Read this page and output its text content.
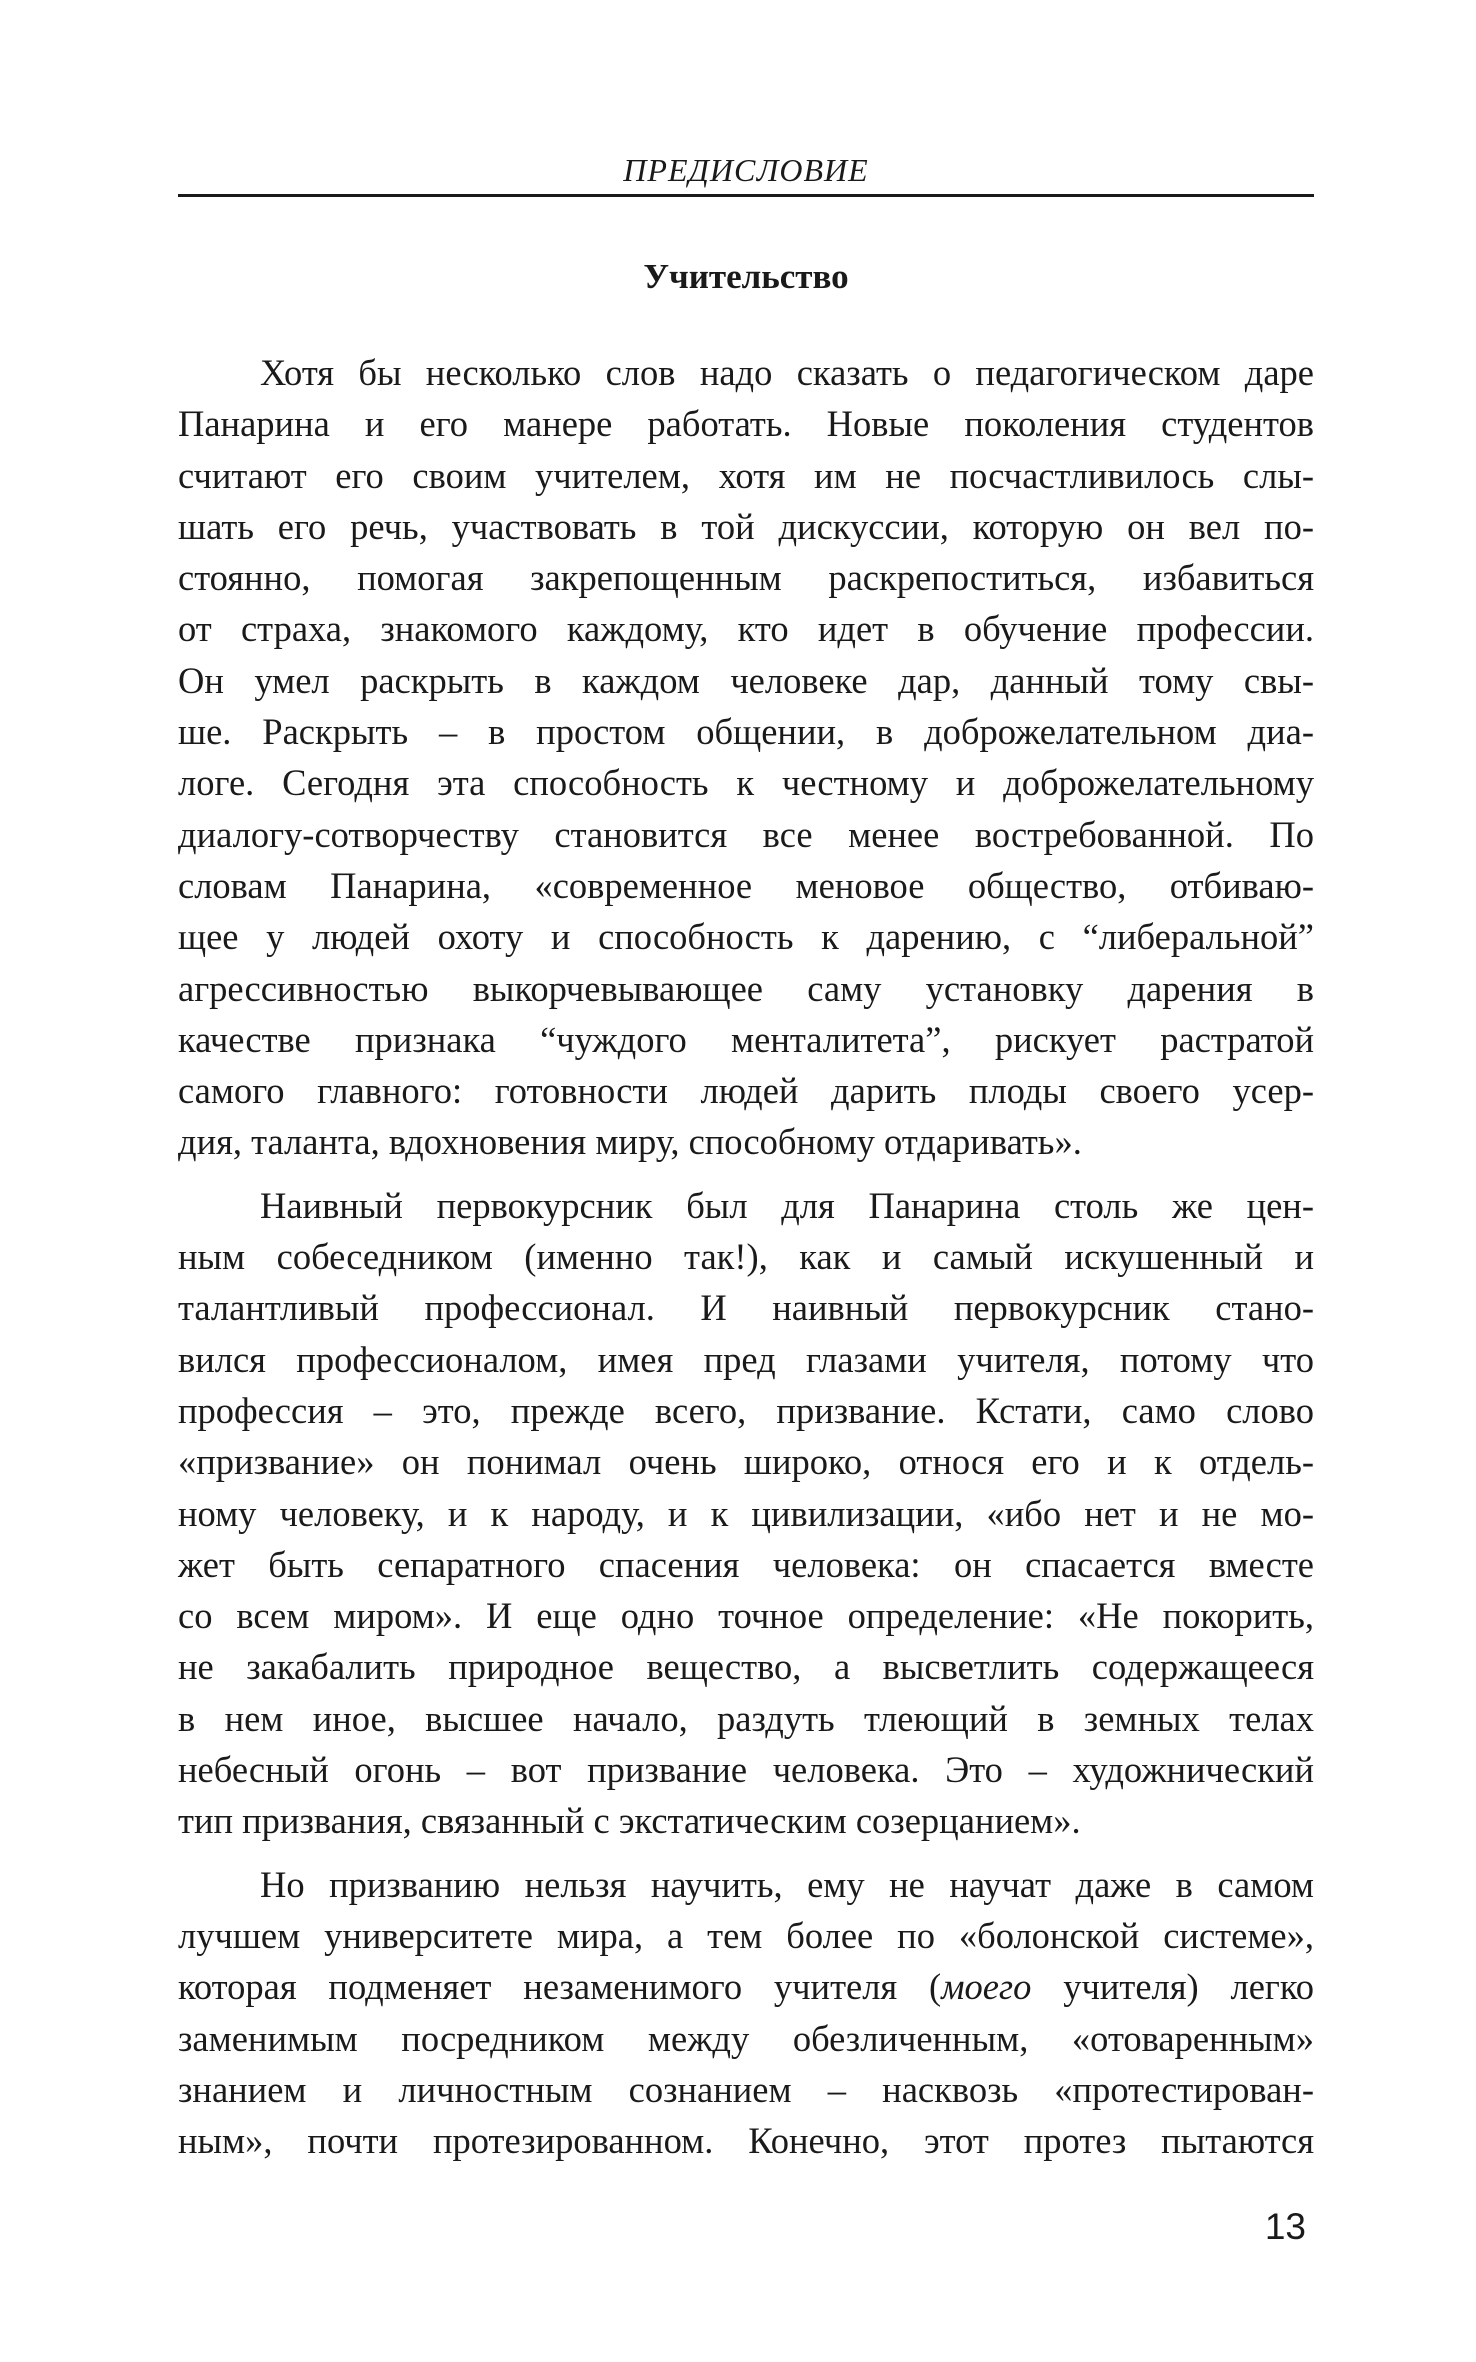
ПРЕДИСЛОВИЕ
Учительство
Хотя бы несколько слов надо сказать о педагогическом даре
Панарина и его манере работать. Новые поколения студентов
считают его своим учителем, хотя им не посчастливилось слы-
шать его речь, участвовать в той дискуссии, которую он вел по-
стоянно, помогая закрепощенным раскрепоститься, избавиться
от страха, знакомого каждому, кто идет в обучение профессии.
Он умел раскрыть в каждом человеке дар, данный тому свы-
ше. Раскрыть – в простом общении, в доброжелательном диа-
логе. Сегодня эта способность к честному и доброжелательному
диалогу-сотворчеству становится все менее востребованной. По
словам Панарина, «современное меновое общество, отбиваю-
щее у людей охоту и способность к дарению, с “либеральной”
агрессивностью выкорчевывающее саму установку дарения в
качестве признака “чуждого менталитета”, рискует растратой
самого главного: готовности людей дарить плоды своего усер-
дия, таланта, вдохновения миру, способному отдаривать».
Наивный первокурсник был для Панарина столь же цен-
ным собеседником (именно так!), как и самый искушенный и
талантливый профессионал. И наивный первокурсник стано-
вился профессионалом, имея пред глазами учителя, потому что
профессия – это, прежде всего, призвание. Кстати, само слово
«призвание» он понимал очень широко, относя его и к отдель-
ному человеку, и к народу, и к цивилизации, «ибо нет и не мо-
жет быть сепаратного спасения человека: он спасается вместе
со всем миром». И еще одно точное определение: «Не покорить,
не закабалить природное вещество, а высветлить содержащееся
в нем иное, высшее начало, раздуть тлеющий в земных телах
небесный огонь – вот призвание человека. Это – художнический
тип призвания, связанный с экстатическим созерцанием».
Но призванию нельзя научить, ему не научат даже в самом
лучшем университете мира, а тем более по «болонской системе»,
которая подменяет незаменимого учителя (моего учителя) легко
заменимым посредником между обезличенным, «отоваренным»
знанием и личностным сознанием – насквозь «протестирован-
ным», почти протезированном. Конечно, этот протез пытаются
13
